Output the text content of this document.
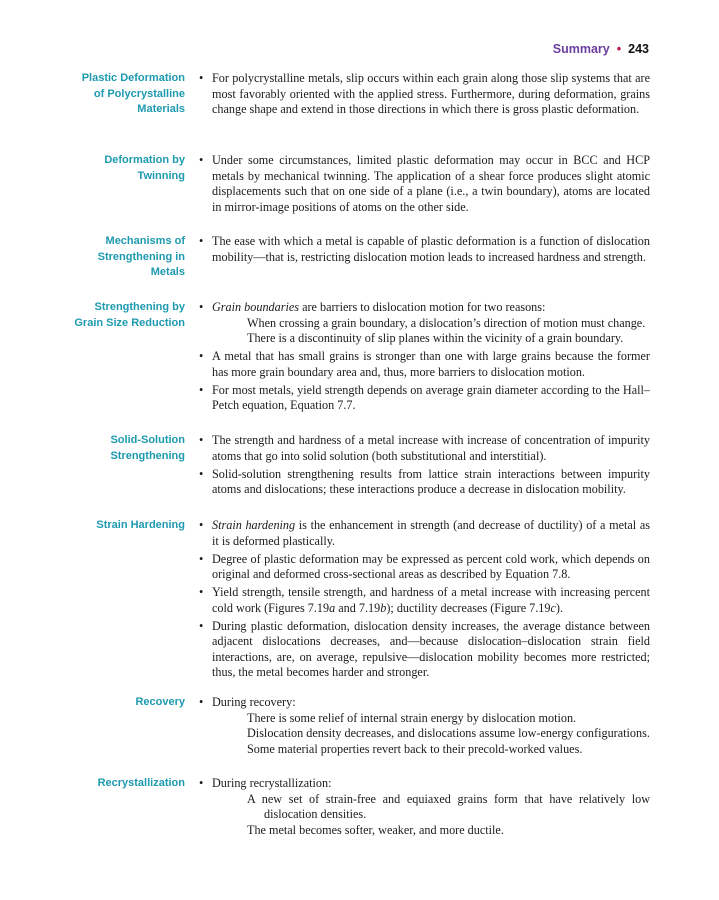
Summary • 243
Plastic Deformation
of Polycrystalline
Materials
• For polycrystalline metals, slip occurs within each grain along those slip systems that are most favorably oriented with the applied stress. Furthermore, during deformation, grains change shape and extend in those directions in which there is gross plastic deformation.
Deformation by
Twinning
• Under some circumstances, limited plastic deformation may occur in BCC and HCP metals by mechanical twinning. The application of a shear force produces slight atomic displacements such that on one side of a plane (i.e., a twin boundary), atoms are located in mirror-image positions of atoms on the other side.
Mechanisms of
Strengthening in
Metals
• The ease with which a metal is capable of plastic deformation is a function of dislocation mobility—that is, restricting dislocation motion leads to increased hardness and strength.
Strengthening by
Grain Size Reduction
• Grain boundaries are barriers to dislocation motion for two reasons:
When crossing a grain boundary, a dislocation’s direction of motion must change.
There is a discontinuity of slip planes within the vicinity of a grain boundary.
• A metal that has small grains is stronger than one with large grains because the former has more grain boundary area and, thus, more barriers to dislocation motion.
• For most metals, yield strength depends on average grain diameter according to the Hall–Petch equation, Equation 7.7.
Solid-Solution
Strengthening
• The strength and hardness of a metal increase with increase of concentration of impurity atoms that go into solid solution (both substitutional and interstitial).
• Solid-solution strengthening results from lattice strain interactions between impurity atoms and dislocations; these interactions produce a decrease in dislocation mobility.
Strain Hardening • Strain hardening is the enhancement in strength (and decrease of ductility) of a metal as it is deformed plastically.
• Degree of plastic deformation may be expressed as percent cold work, which depends on original and deformed cross-sectional areas as described by Equation 7.8.
• Yield strength, tensile strength, and hardness of a metal increase with increasing percent cold work (Figures 7.19a and 7.19b); ductility decreases (Figure 7.19c).
• During plastic deformation, dislocation density increases, the average distance between adjacent dislocations decreases, and—because dislocation–dislocation strain field interactions, are, on average, repulsive—dislocation mobility becomes more restricted; thus, the metal becomes harder and stronger.
Recovery • During recovery:
There is some relief of internal strain energy by dislocation motion.
Dislocation density decreases, and dislocations assume low-energy configurations.
Some material properties revert back to their precold-worked values.
Recrystallization • During recrystallization:
A new set of strain-free and equiaxed grains form that have relatively low dislocation densities.
The metal becomes softer, weaker, and more ductile.
